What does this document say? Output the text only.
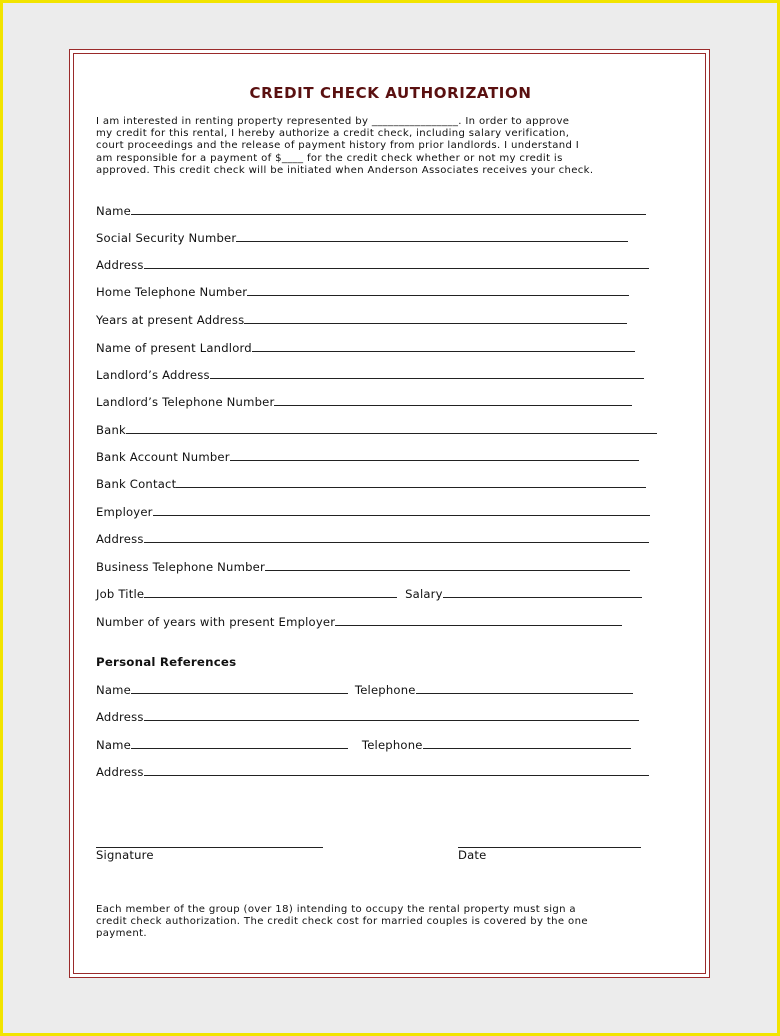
CREDIT CHECK AUTHORIZATION
I am interested in renting property represented by ________________. In order to approve
my credit for this rental, I hereby authorize a credit check, including salary verification,
court proceedings and the release of payment history from prior landlords. I understand I
am responsible for a payment of $____ for the credit check whether or not my credit is
approved. This credit check will be initiated when Anderson Associates receives your check.
Name
Social Security Number
Address
Home Telephone Number
Years at present Address
Name of present Landlord
Landlord’s Address
Landlord’s Telephone Number
Bank
Bank Account Number
Bank Contact
Employer
Address
Business Telephone Number
Job Title	Salary
Number of years with present Employer
Personal References
Name	Telephone
Address
Name	Telephone
Address
Signature	Date
Each member of the group (over 18) intending to occupy the rental property must sign a
credit check authorization. The credit check cost for married couples is covered by the one
payment.
